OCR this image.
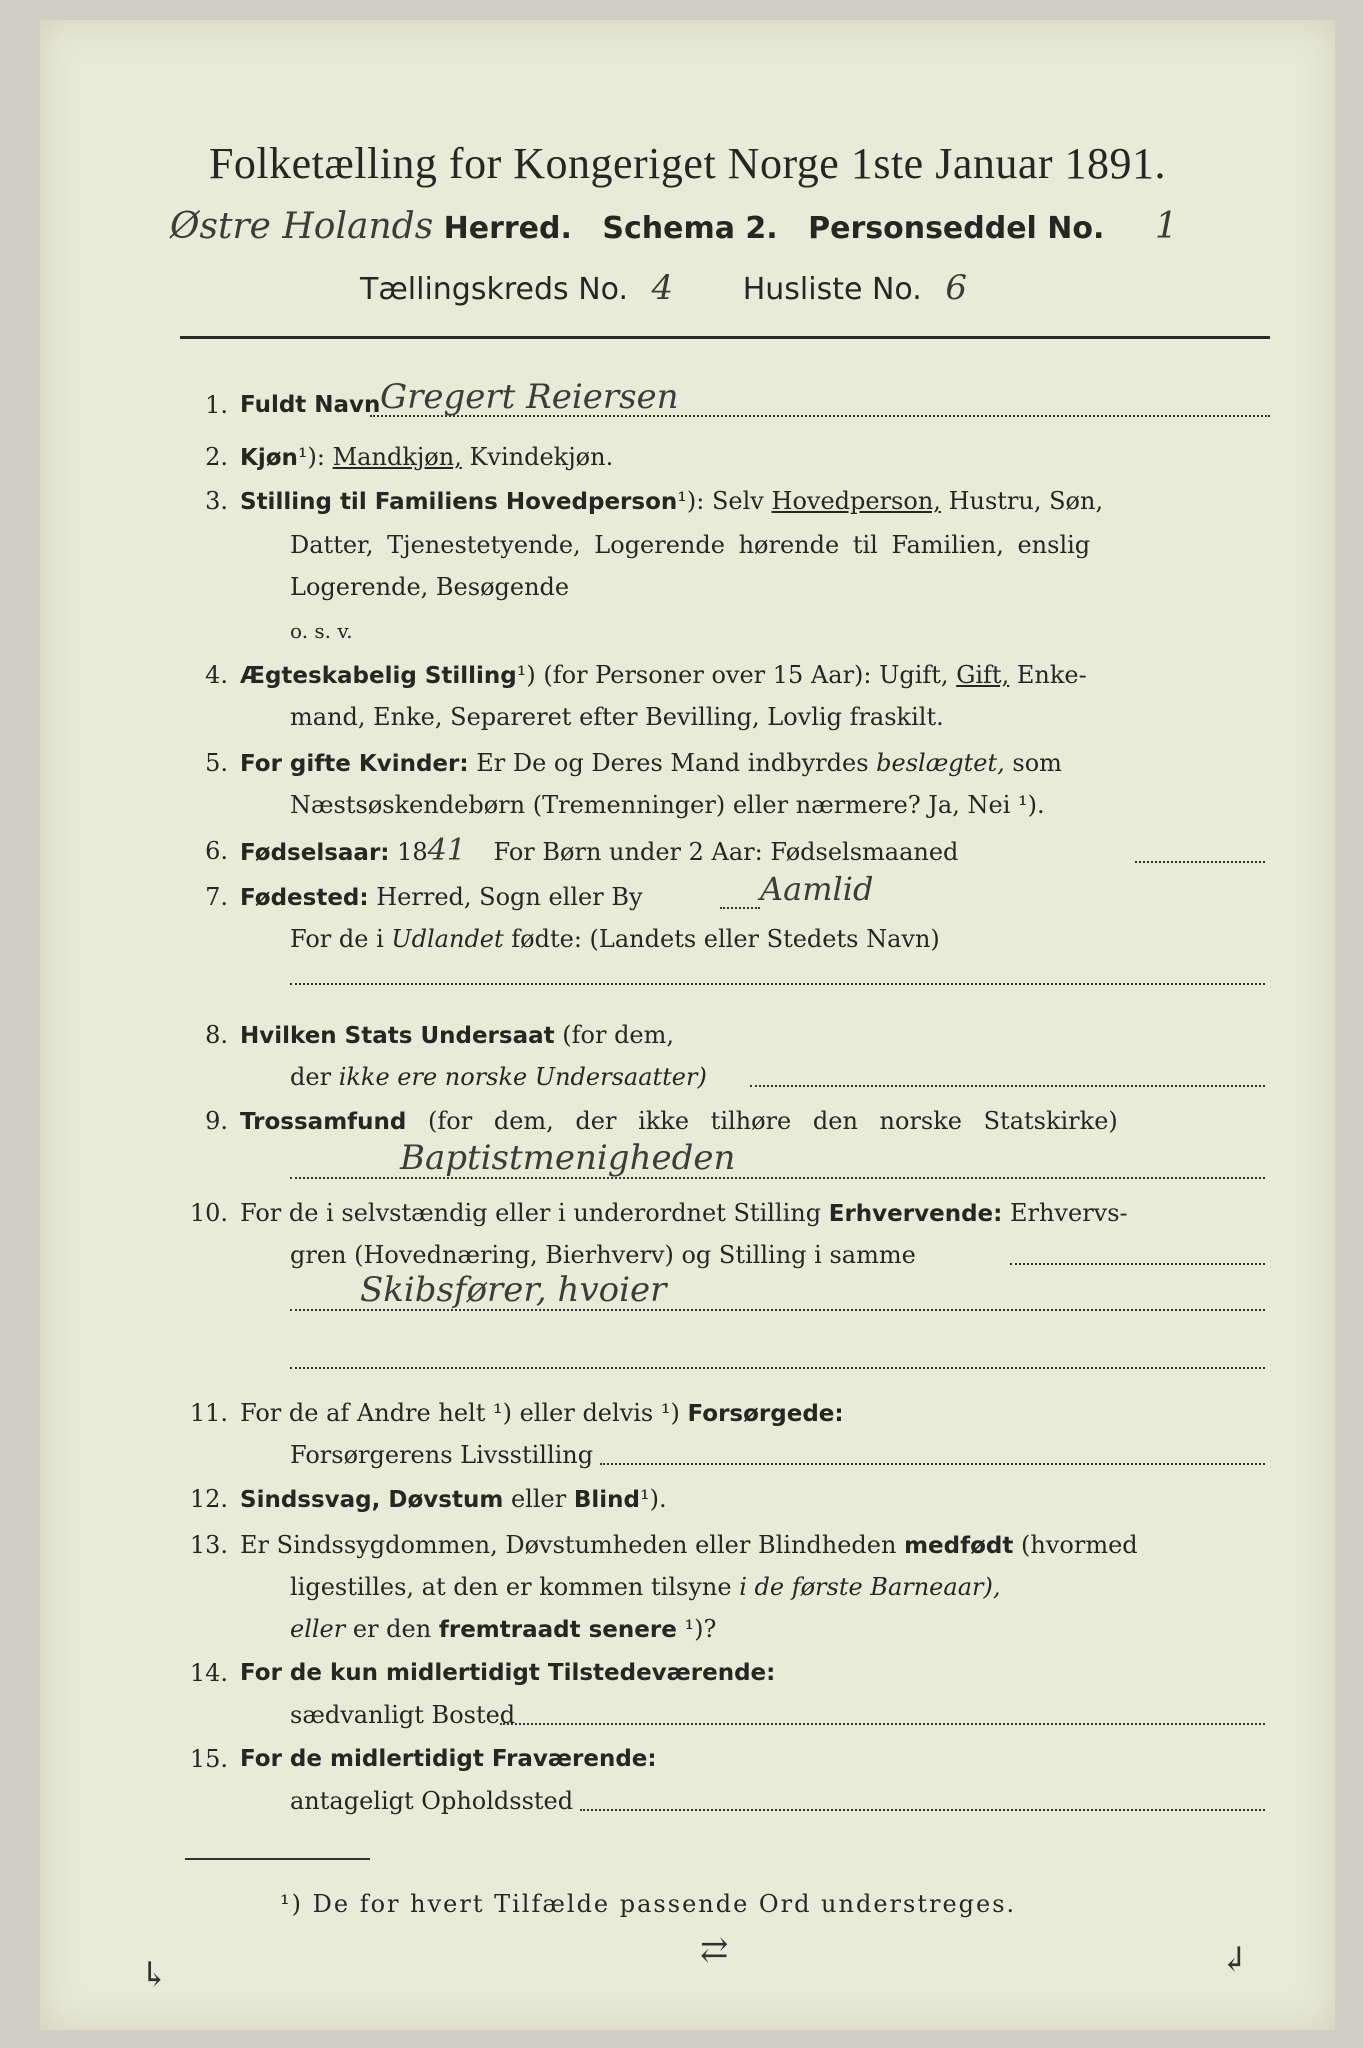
Folketælling for Kongeriget Norge 1ste Januar 1891.
Østre Holands Herred. Schema 2. Personseddel No. 1
Tællingskreds No. 4 Husliste No. 6
1. Fuldt Navn Gregert Reiersen
2. Kjøn¹): Mandkjøn, Kvindekjøn.
3. Stilling til Familiens Hovedperson¹): Selv Hovedperson, Hustru, Søn,
Datter, Tjenestetyende, Logerende hørende til Familien, enslig
Logerende, Besøgende
o. s. v.
4. Ægteskabelig Stilling¹) (for Personer over 15 Aar): Ugift, Gift, Enke-
mand, Enke, Separeret efter Bevilling, Lovlig fraskilt.
5. For gifte Kvinder: Er De og Deres Mand indbyrdes beslægtet, som
Næstsøskendebørn (Tremenninger) eller nærmere? Ja, Nei ¹).
6. Fødselsaar: 1841 For Børn under 2 Aar: Fødselsmaaned
7. Fødested: Herred, Sogn eller By	Aamlid
For de i Udlandet fødte: (Landets eller Stedets Navn)
8. Hvilken Stats Undersaat (for dem,
der ikke ere norske Undersaatter)
9. Trossamfund (for dem, der ikke tilhøre den norske Statskirke)
Baptistmenigheden
10. For de i selvstændig eller i underordnet Stilling Erhvervende: Erhvervs-
gren (Hovednæring, Bierhverv) og Stilling i samme
Skibsfører, hvoier
11. For de af Andre helt ¹) eller delvis ¹) Forsørgede:
Forsørgerens Livsstilling
12. Sindssvag, Døvstum eller Blind¹).
13. Er Sindssygdommen, Døvstumheden eller Blindheden medfødt (hvormed
ligestilles, at den er kommen tilsyne i de første Barneaar),
eller er den fremtraadt senere ¹)?
14. For de kun midlertidigt Tilstedeværende:
sædvanligt Bosted
15. For de midlertidigt Fraværende:
antageligt Opholdssted
¹) De for hvert Tilfælde passende Ord understreges.
↳
⇄	↲
